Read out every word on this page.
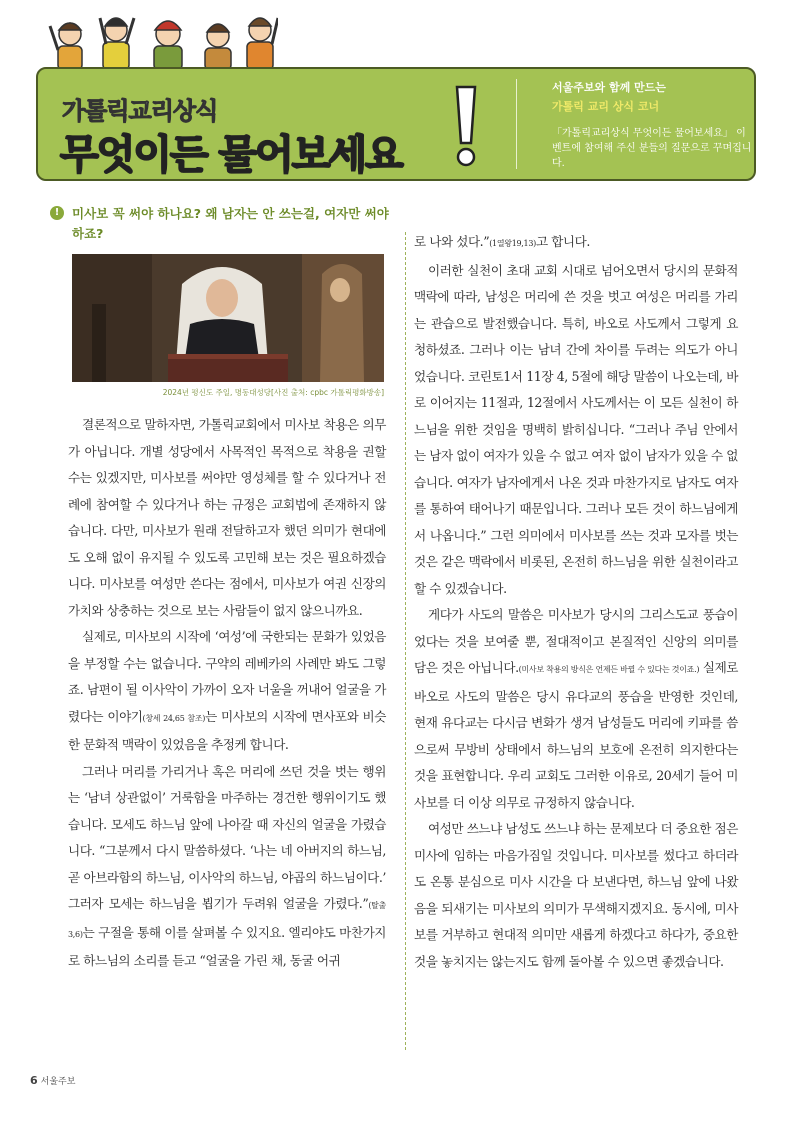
가톨릭교리상식
무엇이든 물어보세요
서울주보와 함께 만드는
가톨릭 교리 상식 코너
「가톨릭교리상식 무엇이든 물어보세요」 이벤트에 참여해 주신 분들의 질문으로 꾸며집니다.
!	미사보 꼭 써야 하나요? 왜 남자는 안 쓰는걸, 여자만 써야 하죠?
2024년 평신도 주일, 명동대성당[사진 출처: cpbc 가톨릭평화방송]

결론적으로 말하자면, 가톨릭교회에서 미사보 착용은 의무가 아닙니다. 개별 성당에서 사목적인 목적으로 착용을 권할 수는 있겠지만, 미사보를 써야만 영성체를 할 수 있다거나 전례에 참여할 수 있다거나 하는 규정은 교회법에 존재하지 않습니다. 다만, 미사보가 원래 전달하고자 했던 의미가 현대에도 오해 없이 유지될 수 있도록 고민해 보는 것은 필요하겠습니다. 미사보를 여성만 쓴다는 점에서, 미사보가 여권 신장의 가치와 상충하는 것으로 보는 사람들이 없지 않으니까요.

실제로, 미사보의 시작에 ‘여성’에 국한되는 문화가 있었음을 부정할 수는 없습니다. 구약의 레베카의 사례만 봐도 그렇죠. 남편이 될 이사악이 가까이 오자 너울을 꺼내어 얼굴을 가렸다는 이야기(창세 24,65 참조)는 미사보의 시작에 면사포와 비슷한 문화적 맥락이 있었음을 추정케 합니다.

그러나 머리를 가리거나 혹은 머리에 쓰던 것을 벗는 행위는 ‘남녀 상관없이’ 거룩함을 마주하는 경건한 행위이기도 했습니다. 모세도 하느님 앞에 나아갈 때 자신의 얼굴을 가렸습니다. “그분께서 다시 말씀하셨다. ‘나는 네 아버지의 하느님, 곧 아브라함의 하느님, 이사악의 하느님, 야곱의 하느님이다.’ 그러자 모세는 하느님을 뵙기가 두려워 얼굴을 가렸다.”(탈출 3,6)는 구절을 통해 이를 살펴볼 수 있지요. 엘리야도 마찬가지로 하느님의 소리를 듣고 “얼굴을 가린 채, 동굴 어귀

로 나와 섰다.”(1열왕19,13)고 합니다.

이러한 실천이 초대 교회 시대로 넘어오면서 당시의 문화적 맥락에 따라, 남성은 머리에 쓴 것을 벗고 여성은 머리를 가리는 관습으로 발전했습니다. 특히, 바오로 사도께서 그렇게 요청하셨죠. 그러나 이는 남녀 간에 차이를 두려는 의도가 아니었습니다. 코린토1서 11장 4, 5절에 해당 말씀이 나오는데, 바로 이어지는 11절과, 12절에서 사도께서는 이 모든 실천이 하느님을 위한 것임을 명백히 밝히십니다. “그러나 주님 안에서는 남자 없이 여자가 있을 수 없고 여자 없이 남자가 있을 수 없습니다. 여자가 남자에게서 나온 것과 마찬가지로 남자도 여자를 통하여 태어나기 때문입니다. 그러나 모든 것이 하느님에게서 나옵니다.” 그런 의미에서 미사보를 쓰는 것과 모자를 벗는 것은 같은 맥락에서 비롯된, 온전히 하느님을 위한 실천이라고 할 수 있겠습니다.

게다가 사도의 말씀은 미사보가 당시의 그리스도교 풍습이었다는 것을 보여줄 뿐, 절대적이고 본질적인 신앙의 의미를 담은 것은 아닙니다.(미사보 착용의 방식은 언제든 바뀔 수 있다는 것이죠.) 실제로 바오로 사도의 말씀은 당시 유다교의 풍습을 반영한 것인데, 현재 유다교는 다시금 변화가 생겨 남성들도 머리에 키파를 씀으로써 무방비 상태에서 하느님의 보호에 온전히 의지한다는 것을 표현합니다. 우리 교회도 그러한 이유로, 20세기 들어 미사보를 더 이상 의무로 규정하지 않습니다.

여성만 쓰느냐 남성도 쓰느냐 하는 문제보다 더 중요한 점은 미사에 임하는 마음가짐일 것입니다. 미사보를 썼다고 하더라도 온통 분심으로 미사 시간을 다 보낸다면, 하느님 앞에 나왔음을 되새기는 미사보의 의미가 무색해지겠지요. 동시에, 미사보를 거부하고 현대적 의미만 새롭게 하겠다고 하다가, 중요한 것을 놓치지는 않는지도 함께 돌아볼 수 있으면 좋겠습니다.

6 서울주보
